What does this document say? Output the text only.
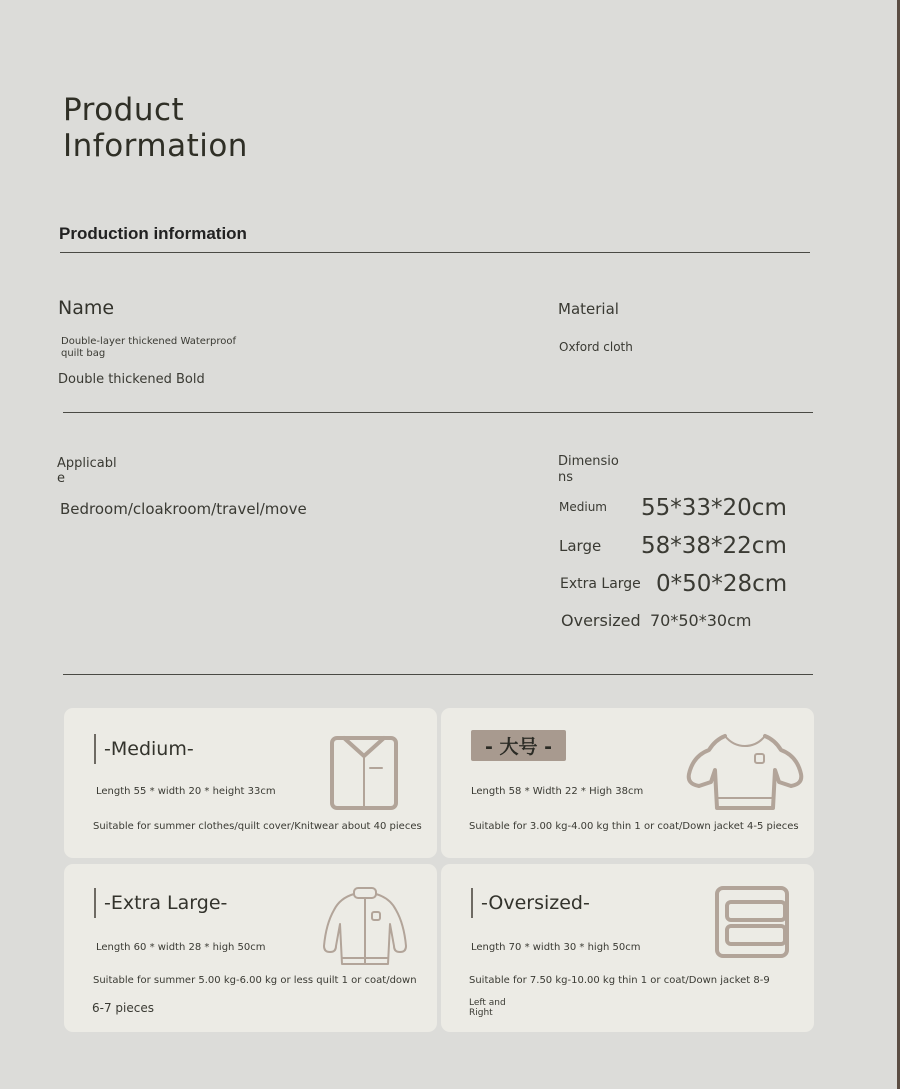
Product Information
Production information
Name
Double-layer thickened Waterproof quilt bag
Double thickened Bold
Material
Oxford cloth
Applicable
Bedroom/cloakroom/travel/move
Dimensions
Medium 55*33*20cm
Large 58*38*22cm
Extra Large 0*50*28cm
Oversized 70*50*30cm
-Medium-
Length 55 * width 20 * height 33cm
Suitable for summer clothes/quilt cover/Knitwear about 40 pieces
- 大号 -
Length 58 * Width 22 * High 38cm
Suitable for 3.00 kg-4.00 kg thin 1 or coat/Down jacket 4-5 pieces
-Extra Large-
Length 60 * width 28 * high 50cm
Suitable for summer 5.00 kg-6.00 kg or less quilt 1 or coat/down
6-7 pieces
-Oversized-
Length 70 * width 30 * high 50cm
Suitable for 7.50 kg-10.00 kg thin 1 or coat/Down jacket 8-9
Left and Right
